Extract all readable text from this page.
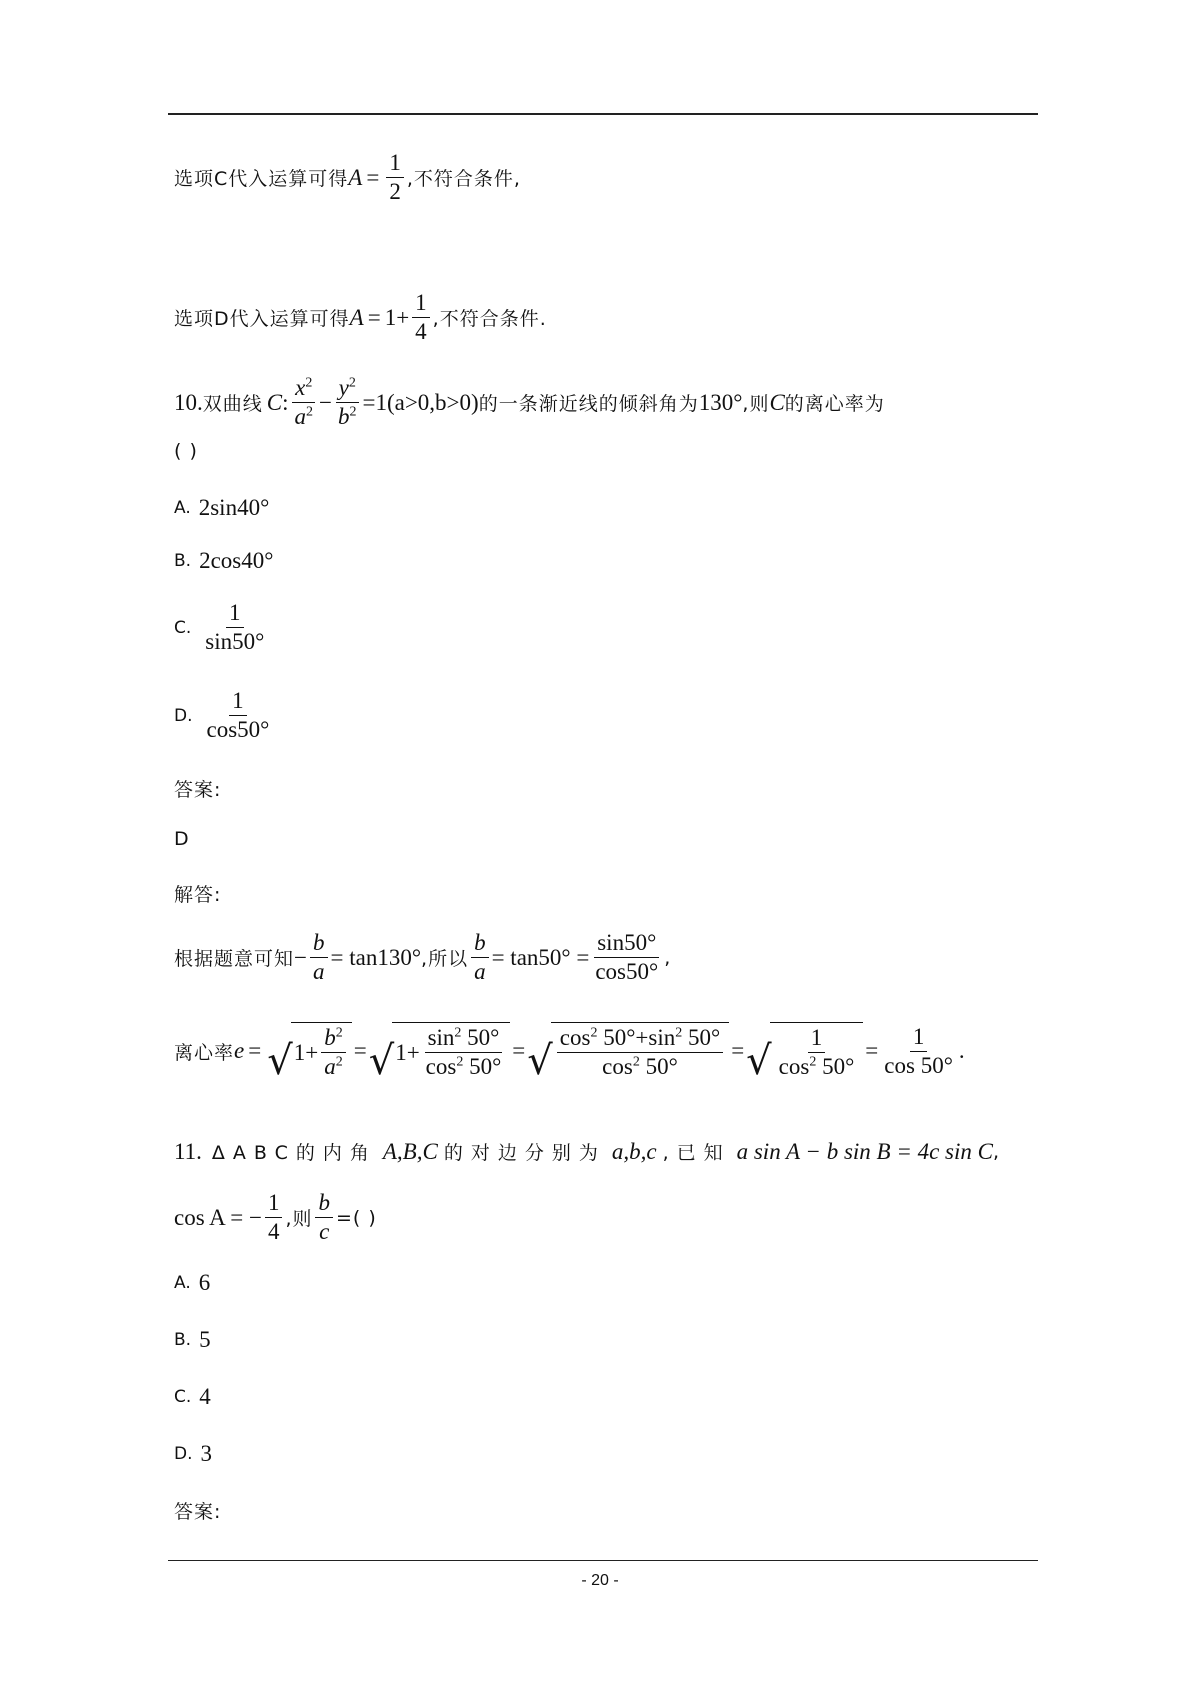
选项C代入运算可得 $A = \frac{1}{2}$ ,不符合条件,
选项D代入运算可得 $A = 1+ \frac{1}{4}$ ,不符合条件.
10. 双曲线 C : $\frac{x^2}{a^2} - \frac{y^2}{b^2} =1(a>0,b>0)$ 的一条渐近线的倾斜角为 130° ,则 C 的离心率为
( )
A. 2sin40°
B. 2cos40°
C. $\frac{1}{\sin 50^\circ}$
D. $\frac{1}{\cos 50^\circ}$
答案:
D
解答:
根据题意可知 − $\frac{b}{a} = \tan 130^\circ$ ,所以 $\frac{b}{a} = \tan 50^\circ = \frac{\sin 50^\circ}{\cos 50^\circ}$ ,
离心率 e = √ $1+ \frac{b^2}{a^2}$ = √ $1+ \frac{\sin^2 50^\circ}{\cos^2 50^\circ}$ = √ $\frac{\cos^2 50^\circ+\sin^2 50^\circ}{\cos^2 50^\circ}$ = √ $\frac{1}{\cos^2 50^\circ} = \frac{1}{\cos 50^\circ}$ .
11. ΔABC的内角 A,B,C 的对边分别为 a,b,c ,已知 a sin A − b sin B = 4c sin C ,
cos A = − $\frac{1}{4}$ ,则 $\frac{b}{c}$ =( )
A. 6
B. 5
C. 4
D. 3
答案:
- 20 -
